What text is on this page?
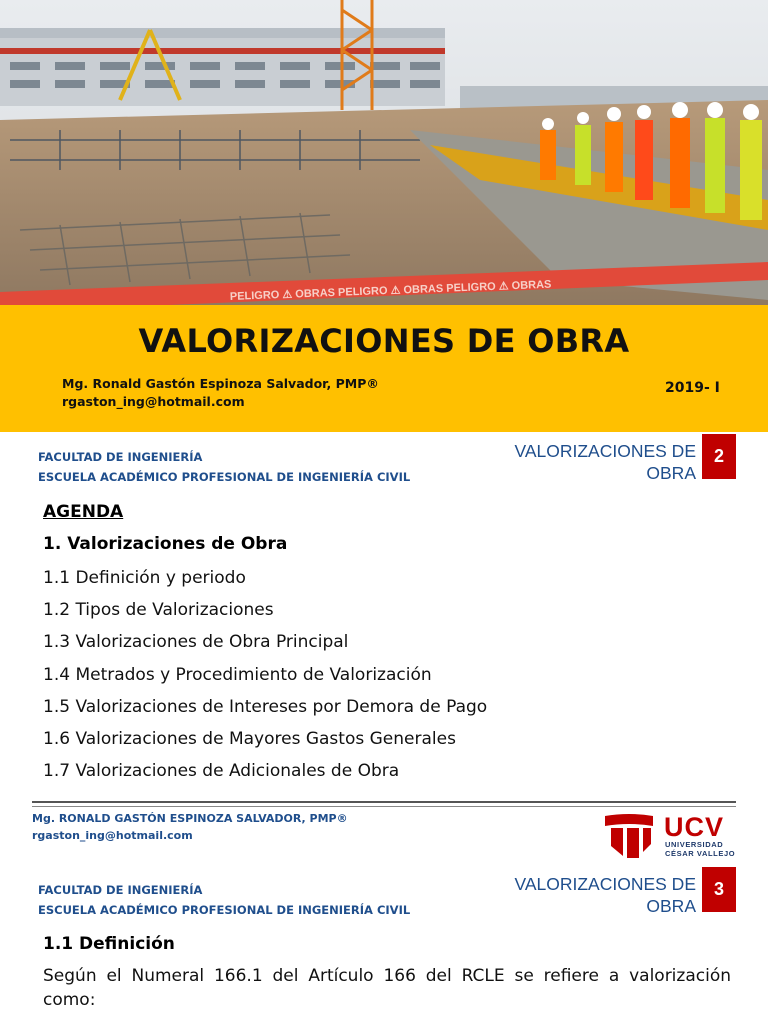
PELIGRO ⚠ OBRAS PELIGRO ⚠ OBRAS PELIGRO ⚠ OBRAS
VALORIZACIONES DE OBRA
Mg. Ronald Gastón Espinoza Salvador, PMP®
rgaston_ing@hotmail.com
2019- I
FACULTAD DE INGENIERÍA
ESCUELA ACADÉMICO PROFESIONAL DE INGENIERÍA CIVIL
VALORIZACIONES DE
OBRA
2
AGENDA
1. Valorizaciones de Obra
1.1 Definición y periodo
1.2 Tipos de Valorizaciones
1.3 Valorizaciones de Obra Principal
1.4 Metrados y Procedimiento de Valorización
1.5 Valorizaciones de Intereses por Demora de Pago
1.6 Valorizaciones de Mayores Gastos Generales
1.7 Valorizaciones de Adicionales de Obra
Mg. RONALD GASTÓN ESPINOZA SALVADOR, PMP®
rgaston_ing@hotmail.com	UCV
UNIVERSIDAD
CÉSAR VALLEJO
FACULTAD DE INGENIERÍA
ESCUELA ACADÉMICO PROFESIONAL DE INGENIERÍA CIVIL
VALORIZACIONES DE
OBRA
3
1.1 Definición
Según el Numeral 166.1 del Artículo 166 del RCLE se refiere a valorización como:
